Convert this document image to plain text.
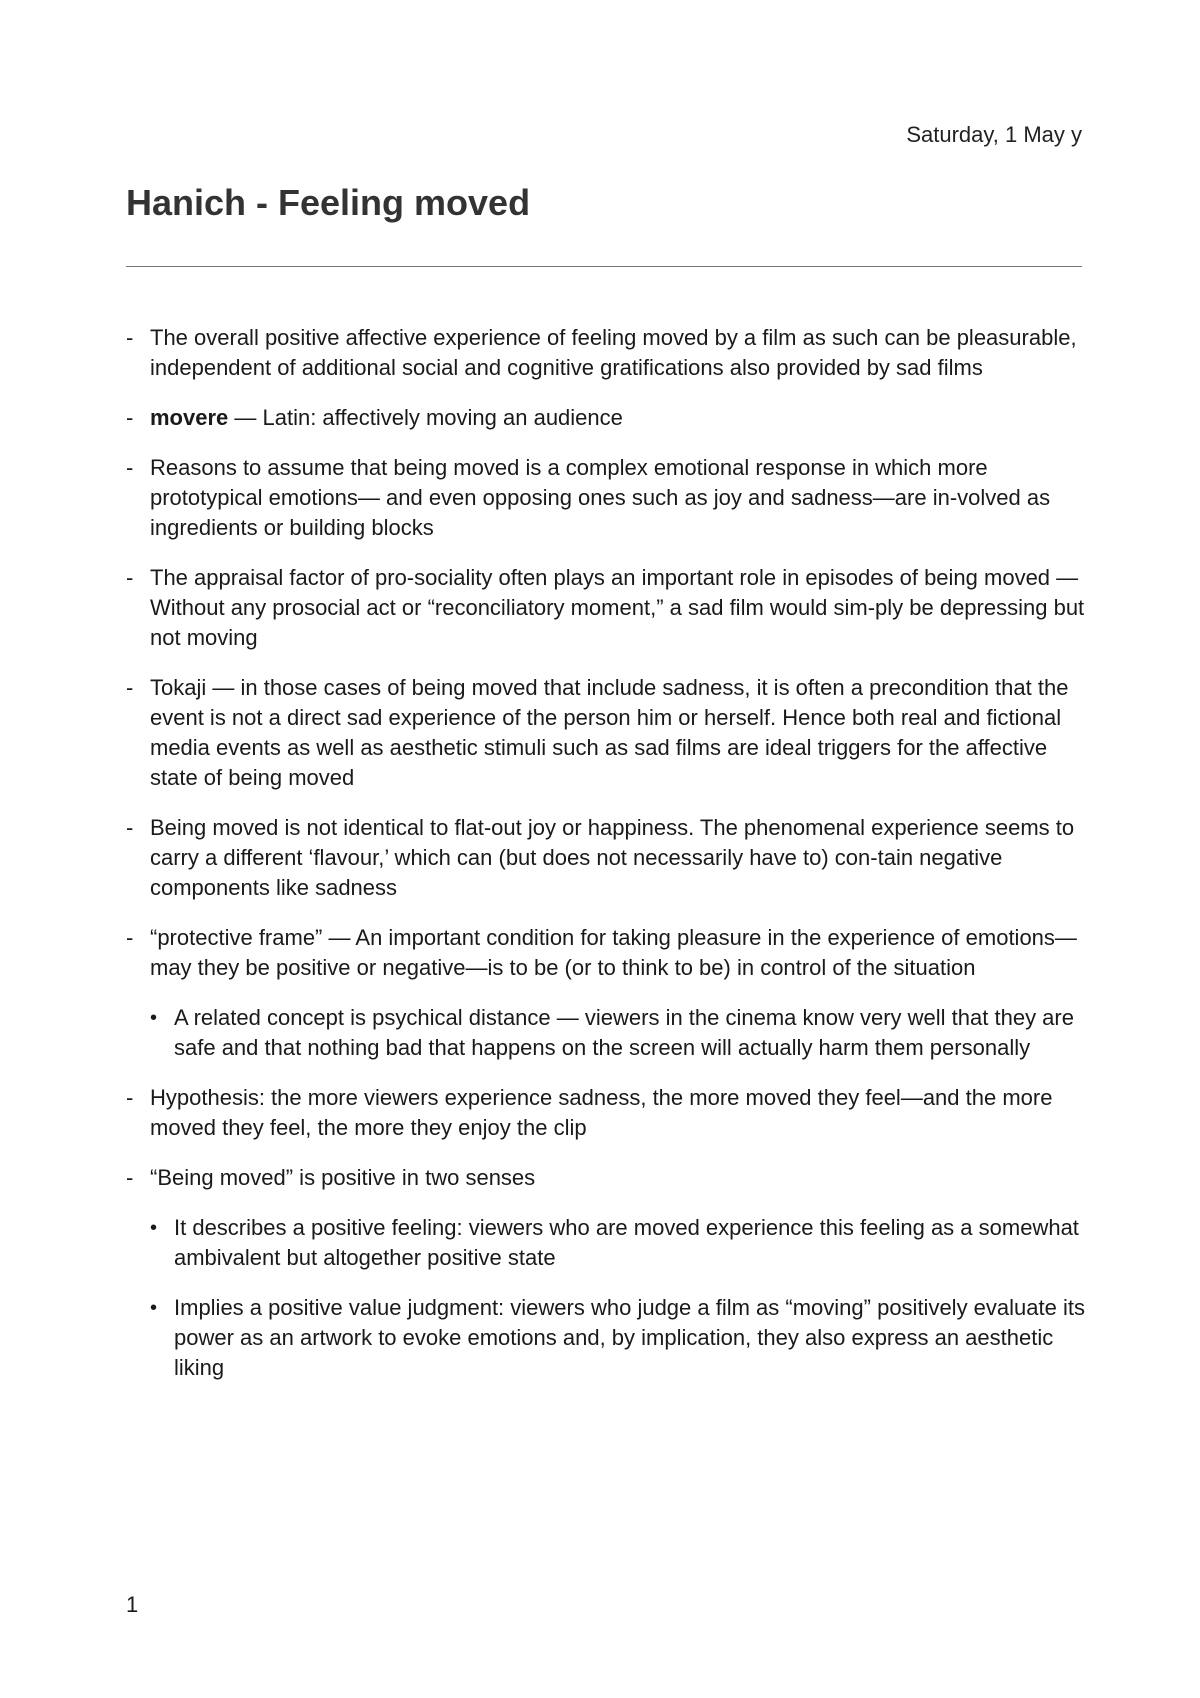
Saturday, 1 May y
Hanich - Feeling moved
- The overall positive affective experience of feeling moved by a film as such can be pleasurable, independent of additional social and cognitive gratifications also provided by sad films
- movere — Latin: affectively moving an audience
- Reasons to assume that being moved is a complex emotional response in which more prototypical emotions— and even opposing ones such as joy and sadness—are in-volved as ingredients or building blocks
- The appraisal factor of pro-sociality often plays an important role in episodes of being moved — Without any prosocial act or “reconciliatory moment,” a sad film would sim-ply be depressing but not moving
- Tokaji — in those cases of being moved that include sadness, it is often a precondition that the event is not a direct sad experience of the person him or herself. Hence both real and fictional media events as well as aesthetic stimuli such as sad films are ideal triggers for the affective state of being moved
- Being moved is not identical to flat-out joy or happiness. The phenomenal experience seems to carry a different ‘flavour,’ which can (but does not necessarily have to) con-tain negative components like sadness
- “protective frame” — An important condition for taking pleasure in the experience of emotions—may they be positive or negative—is to be (or to think to be) in control of the situation
• A related concept is psychical distance — viewers in the cinema know very well that they are safe and that nothing bad that happens on the screen will actually harm them personally
- Hypothesis: the more viewers experience sadness, the more moved they feel—and the more moved they feel, the more they enjoy the clip
- “Being moved” is positive in two senses
• It describes a positive feeling: viewers who are moved experience this feeling as a somewhat ambivalent but altogether positive state
• Implies a positive value judgment: viewers who judge a film as “moving” positively evaluate its power as an artwork to evoke emotions and, by implication, they also express an aesthetic liking
1
